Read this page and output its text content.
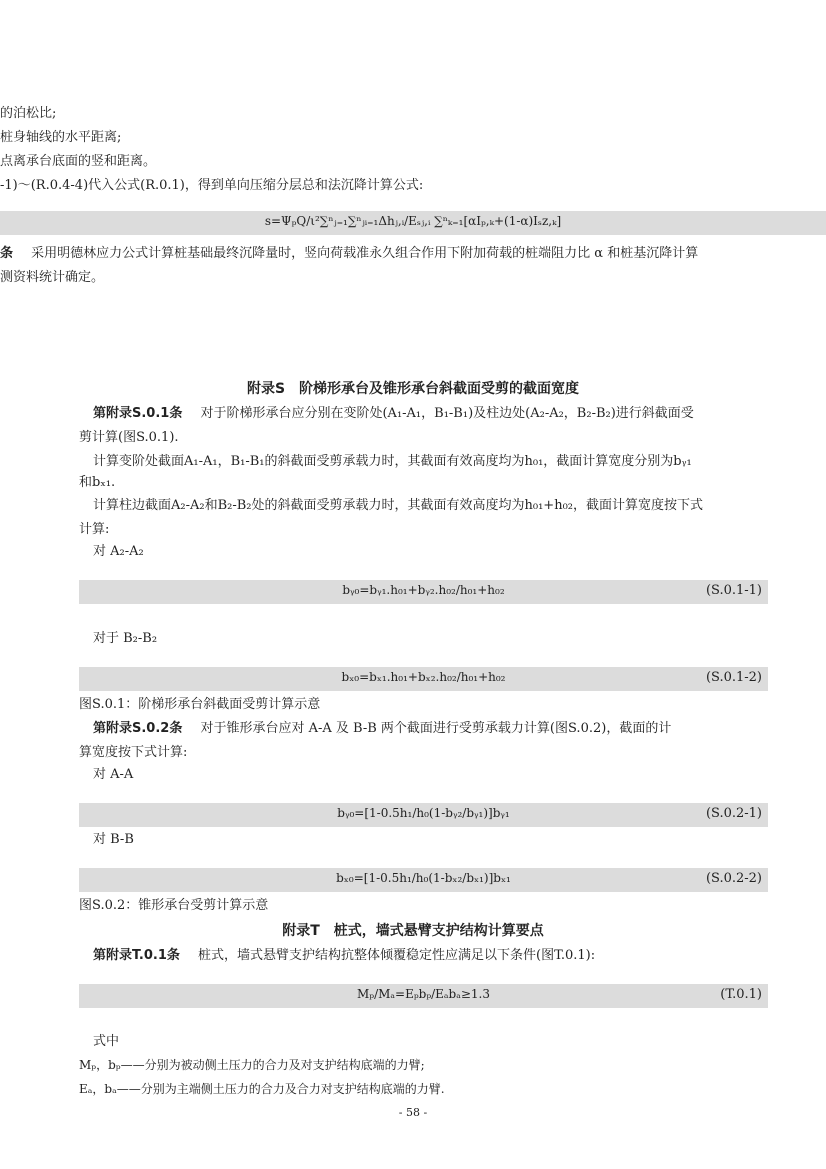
的泊松比;
桩身轴线的水平距离;
点离承台底面的竖和距离。
-1)～(R.0.4-4)代入公式(R.0.1)，得到单向压缩分层总和法沉降计算公式:
s=ΨₚQ/ι²∑ⁿⱼ₌₁∑ⁿⱼᵢ₌₁Δhⱼ,ᵢ/Eₛⱼ,ᵢ ∑ⁿₖ₌₁[αIₚ,ₖ+(1-α)Iₛz,ₖ]
条 采用明德林应力公式计算桩基础最终沉降量时，竖向荷载准永久组合作用下附加荷载的桩端阻力比 α 和桩基沉降计算
测资料统计确定。
附录S　阶梯形承台及锥形承台斜截面受剪的截面宽度
第附录S.0.1条 对于阶梯形承台应分别在变阶处(A₁-A₁，B₁-B₁)及柱边处(A₂-A₂，B₂-B₂)进行斜截面受
剪计算(图S.0.1).
计算变阶处截面A₁-A₁，B₁-B₁的斜截面受剪承载力时，其截面有效高度均为h₀₁，截面计算宽度分别为bᵧ₁
和bₓ₁.
计算柱边截面A₂-A₂和B₂-B₂处的斜截面受剪承载力时，其截面有效高度均为h₀₁+h₀₂，截面计算宽度按下式
计算:
对 A₂-A₂
bᵧ₀=bᵧ₁.h₀₁+bᵧ₂.h₀₂/h₀₁+h₀₂	(S.0.1-1)
对于 B₂-B₂
bₓ₀=bₓ₁.h₀₁+bₓ₂.h₀₂/h₀₁+h₀₂	(S.0.1-2)
图S.0.1：阶梯形承台斜截面受剪计算示意
第附录S.0.2条 对于锥形承台应对 A-A 及 B-B 两个截面进行受剪承载力计算(图S.0.2)，截面的计
算宽度按下式计算:
对 A-A
bᵧ₀=[1-0.5h₁/h₀(1-bᵧ₂/bᵧ₁)]bᵧ₁	(S.0.2-1)
对 B-B
bₓ₀=[1-0.5h₁/h₀(1-bₓ₂/bₓ₁)]bₓ₁	(S.0.2-2)
图S.0.2：锥形承台受剪计算示意
附录T　桩式，墙式悬臂支护结构计算要点
第附录T.0.1条 桩式，墙式悬臂支护结构抗整体倾覆稳定性应满足以下条件(图T.0.1):
Mₚ/Mₐ=Eₚbₚ/Eₐbₐ≥1.3	(T.0.1)
式中
Mₚ，bₚ——分别为被动侧土压力的合力及对支护结构底端的力臂;
Eₐ，bₐ——分别为主端侧土压力的合力及合力对支护结构底端的力臂.
- 58 -
